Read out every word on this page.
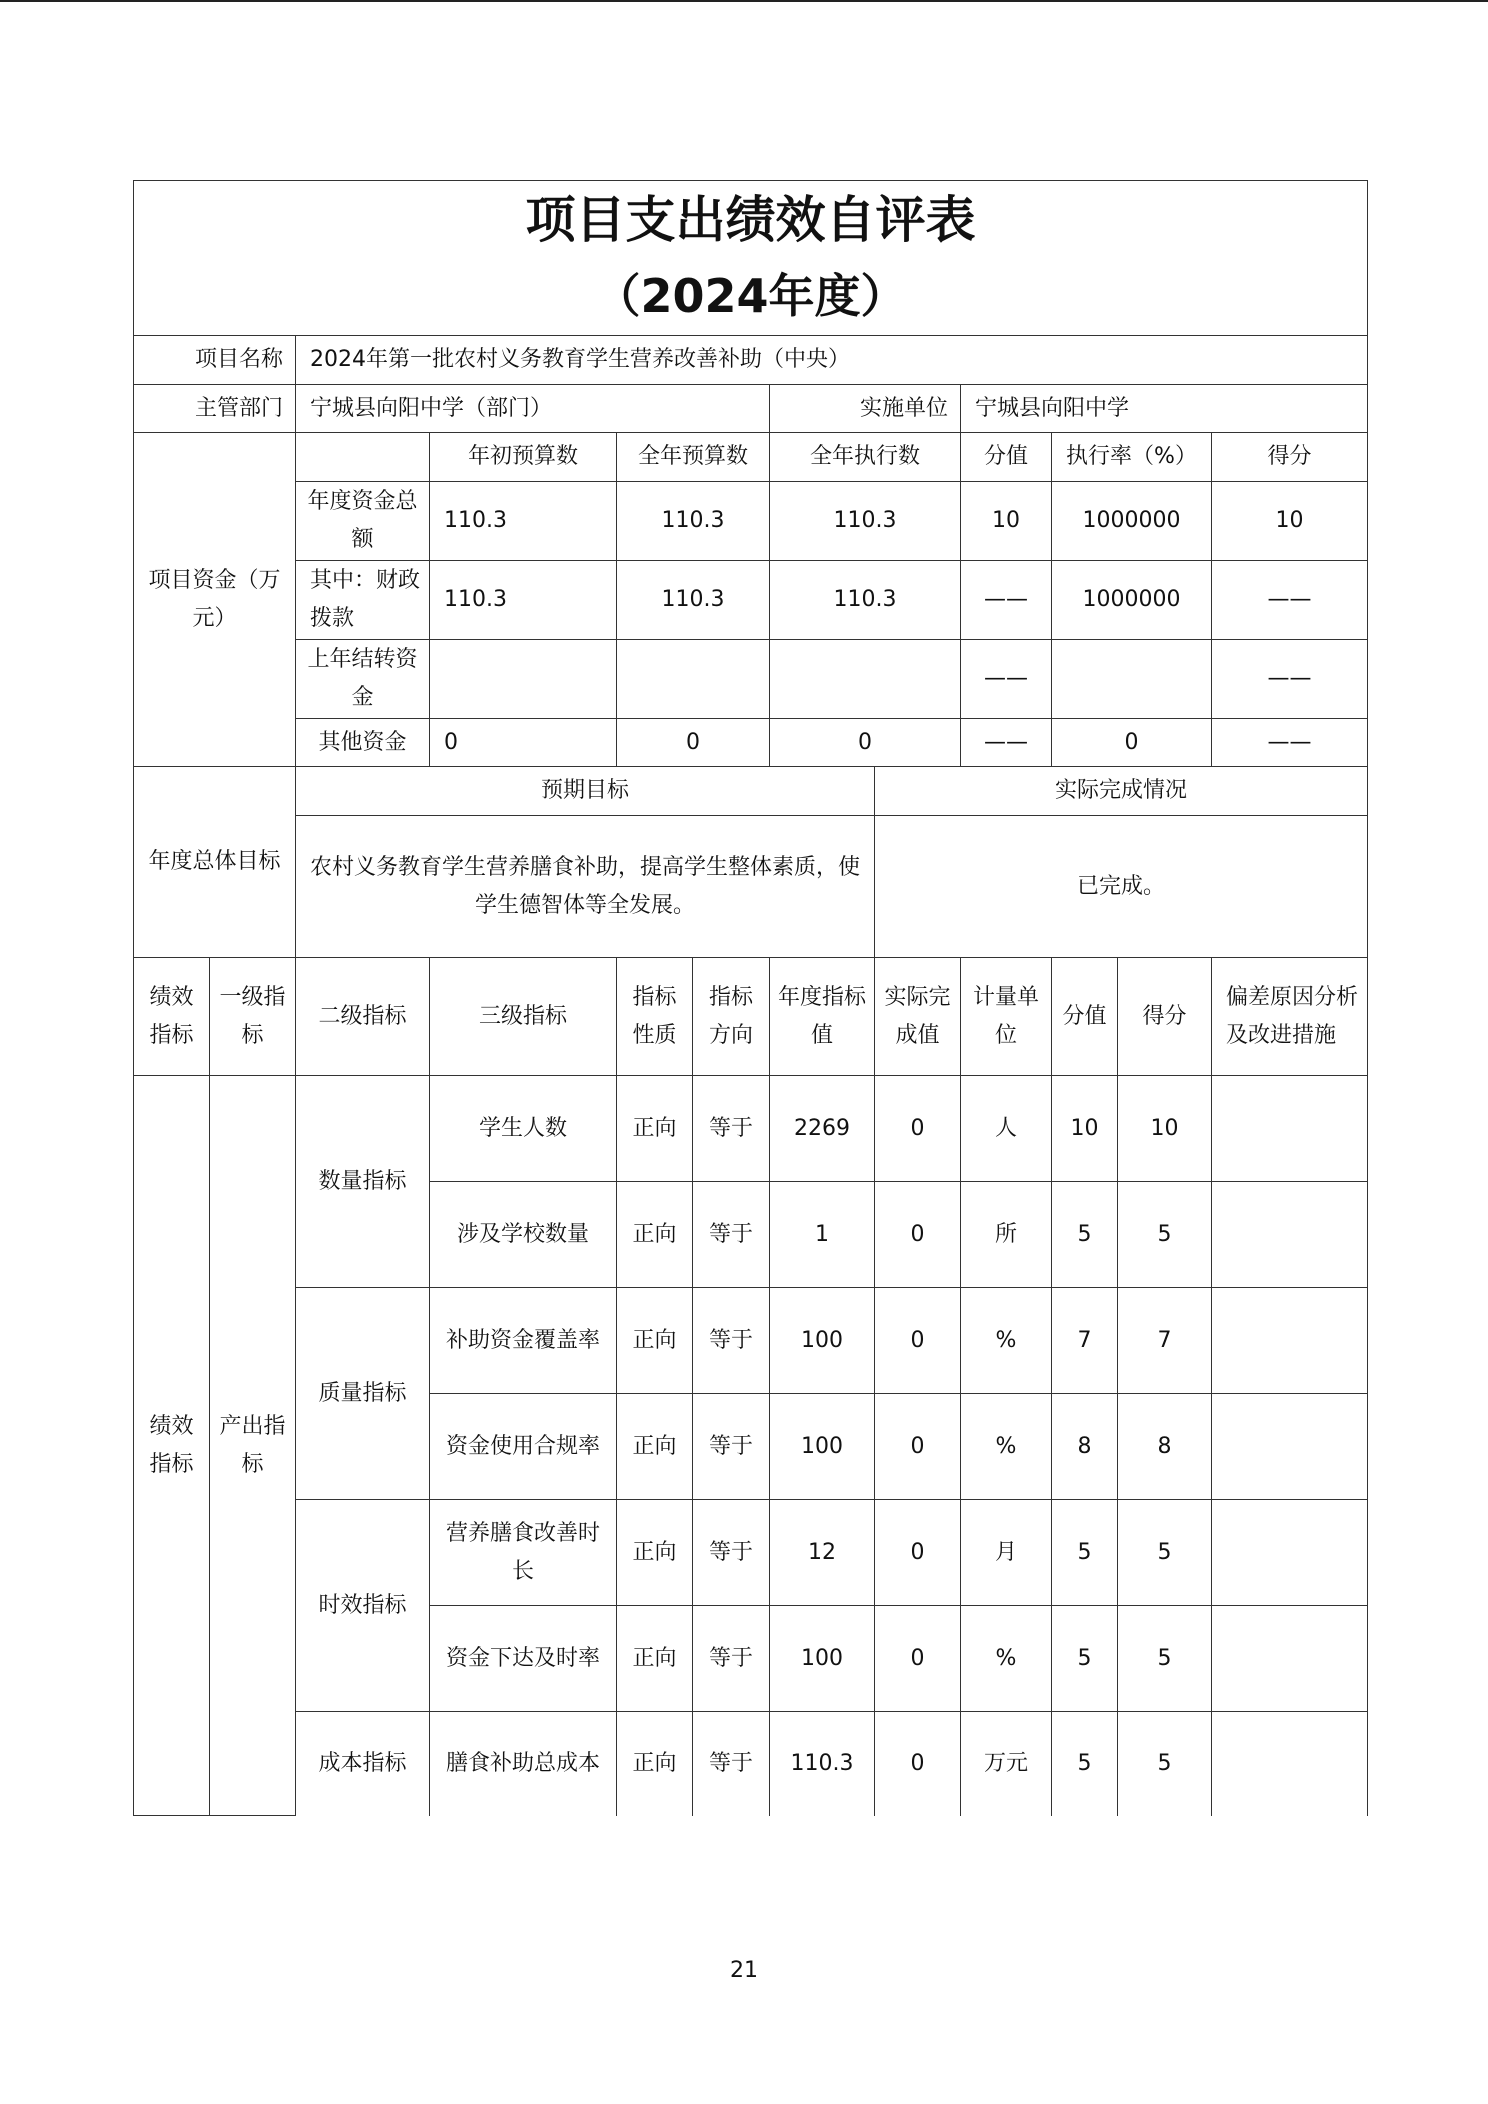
项目支出绩效自评表
（2024年度）											

项目名称		2024年第一批农村义务教育学生营养改善补助（中央）									
主管部门		宁城县向阳中学（部门）				实施单位		宁城县向阳中学			
项目资金（万元）			年初预算数	全年预算数		全年执行数		分值	执行率（%）		得分
		年度资金总额	110.3	110.3		110.3		10	1000000		10
		其中：财政拨款	110.3	110.3		110.3		——	1000000		——
		上年结转资金						——			——
		其他资金	0	0		0		——	0		——
年度总体目标		预期目标					实际完成情况				
		农村义务教育学生营养膳食补助，提高学生整体素质，使学生德智体等全发展。					已完成。				
绩效指标	一级指标	二级指标	三级指标	指标性质	指标方向	年度指标值	实际完成值	计量单位	分值	得分	偏差原因分析及改进措施
绩效指标	产出指标	数量指标	学生人数	正向	等于	2269	0	人	10	10	
			涉及学校数量	正向	等于	1	0	所	5	5	
		质量指标	补助资金覆盖率	正向	等于	100	0	%	7	7	
			资金使用合规率	正向	等于	100	0	%	8	8	
		时效指标	营养膳食改善时长	正向	等于	12	0	月	5	5	
			资金下达及时率	正向	等于	100	0	%	5	5	
		成本指标	膳食补助总成本	正向	等于	110.3	0	万元	5	5	
21
